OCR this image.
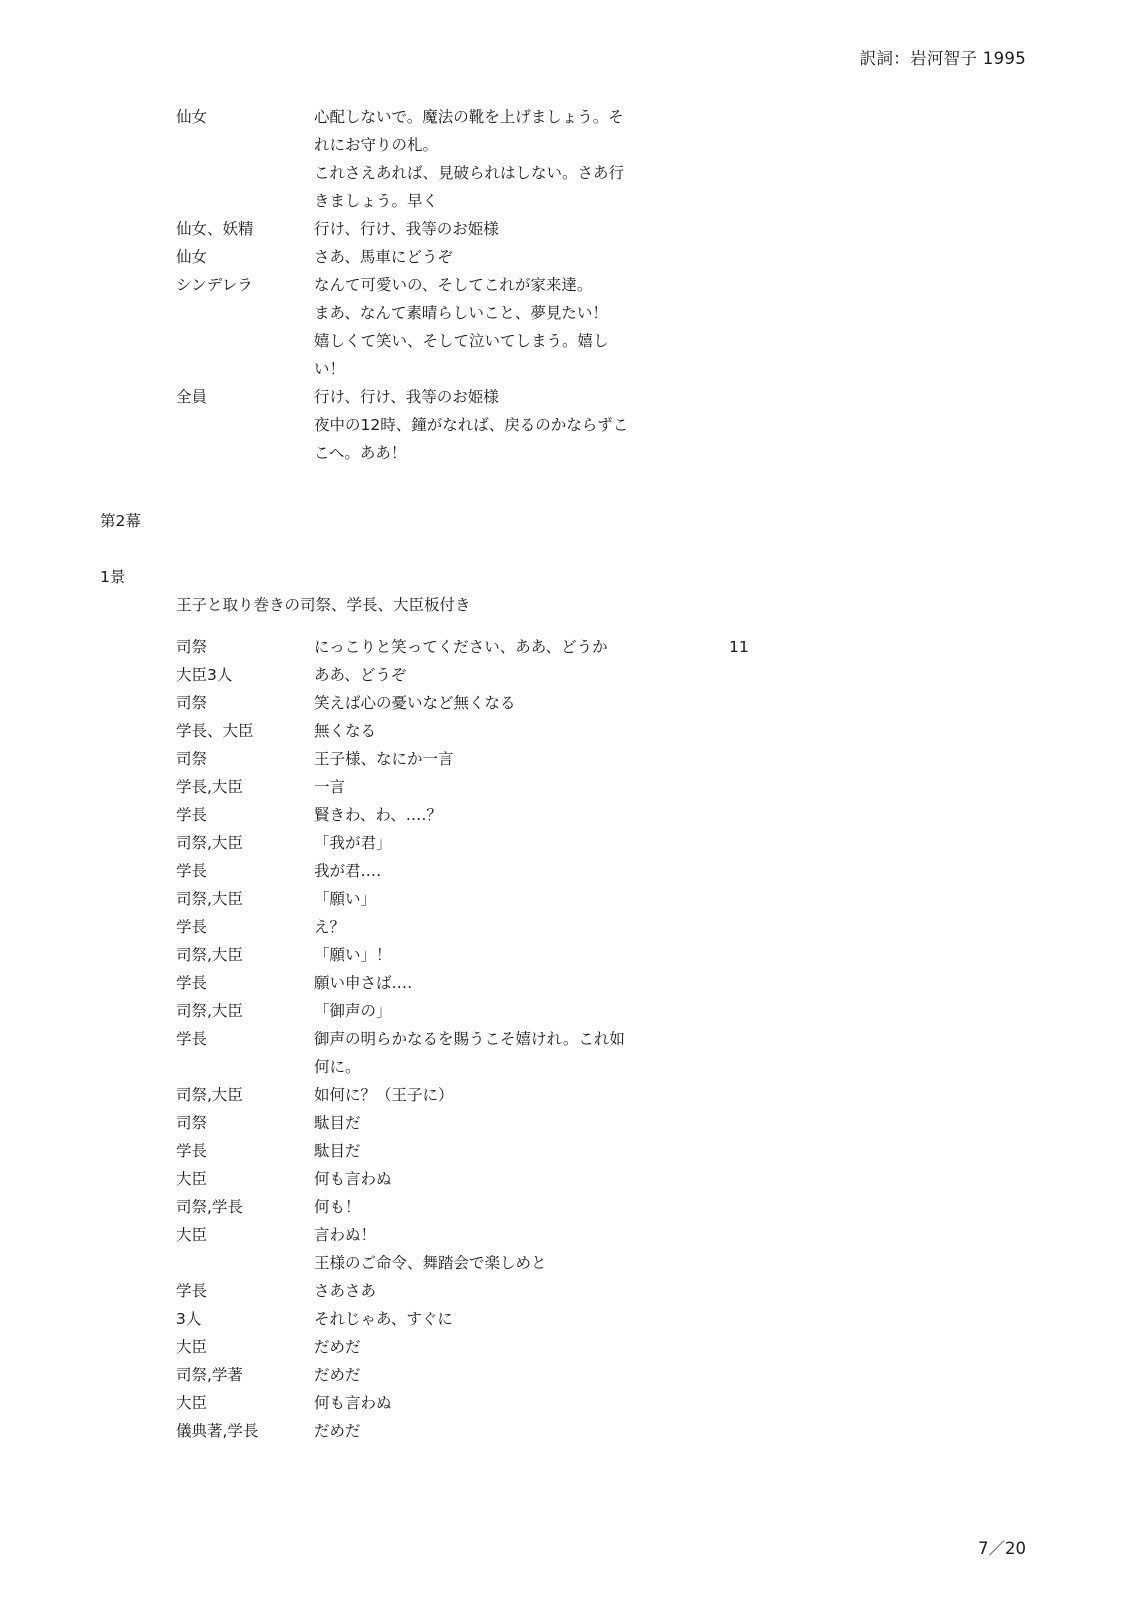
訳詞：岩河智子 1995
仙女	心配しないで。魔法の靴を上げましょう。そ
れにお守りの札。
これさえあれば、見破られはしない。さあ行
きましょう。早く
仙女、妖精	行け、行け、我等のお姫様
仙女	さあ、馬車にどうぞ
シンデレラ	なんて可愛いの、そしてこれが家来達。
まあ、なんて素晴らしいこと、夢見たい！
嬉しくて笑い、そして泣いてしまう。嬉し
い！
全員	行け、行け、我等のお姫様
夜中の12時、鐘がなれば、戻るのかならずこ
こへ。ああ！
第2幕
1景
王子と取り巻きの司祭、学長、大臣板付き
司祭	にっこりと笑ってください、ああ、どうか	11
大臣3人	ああ、どうぞ
司祭	笑えば心の憂いなど無くなる
学長、大臣	無くなる
司祭	王子様、なにか一言
学長,大臣	一言
学長	賢きわ、わ、‥‥？
司祭,大臣	「我が君」
学長	我が君‥‥
司祭,大臣	「願い」
学長	え？
司祭,大臣	「願い」！
学長	願い申さば‥‥
司祭,大臣	「御声の」
学長	御声の明らかなるを賜うこそ嬉けれ。これ如
何に。
司祭,大臣	如何に？（王子に）
司祭	駄目だ
学長	駄目だ
大臣	何も言わぬ
司祭,学長	何も！
大臣	言わぬ！
王様のご命令、舞踏会で楽しめと
学長	さあさあ
3人	それじゃあ、すぐに
大臣	だめだ
司祭,学著	だめだ
大臣	何も言わぬ
儀典著,学長	だめだ
7／20
